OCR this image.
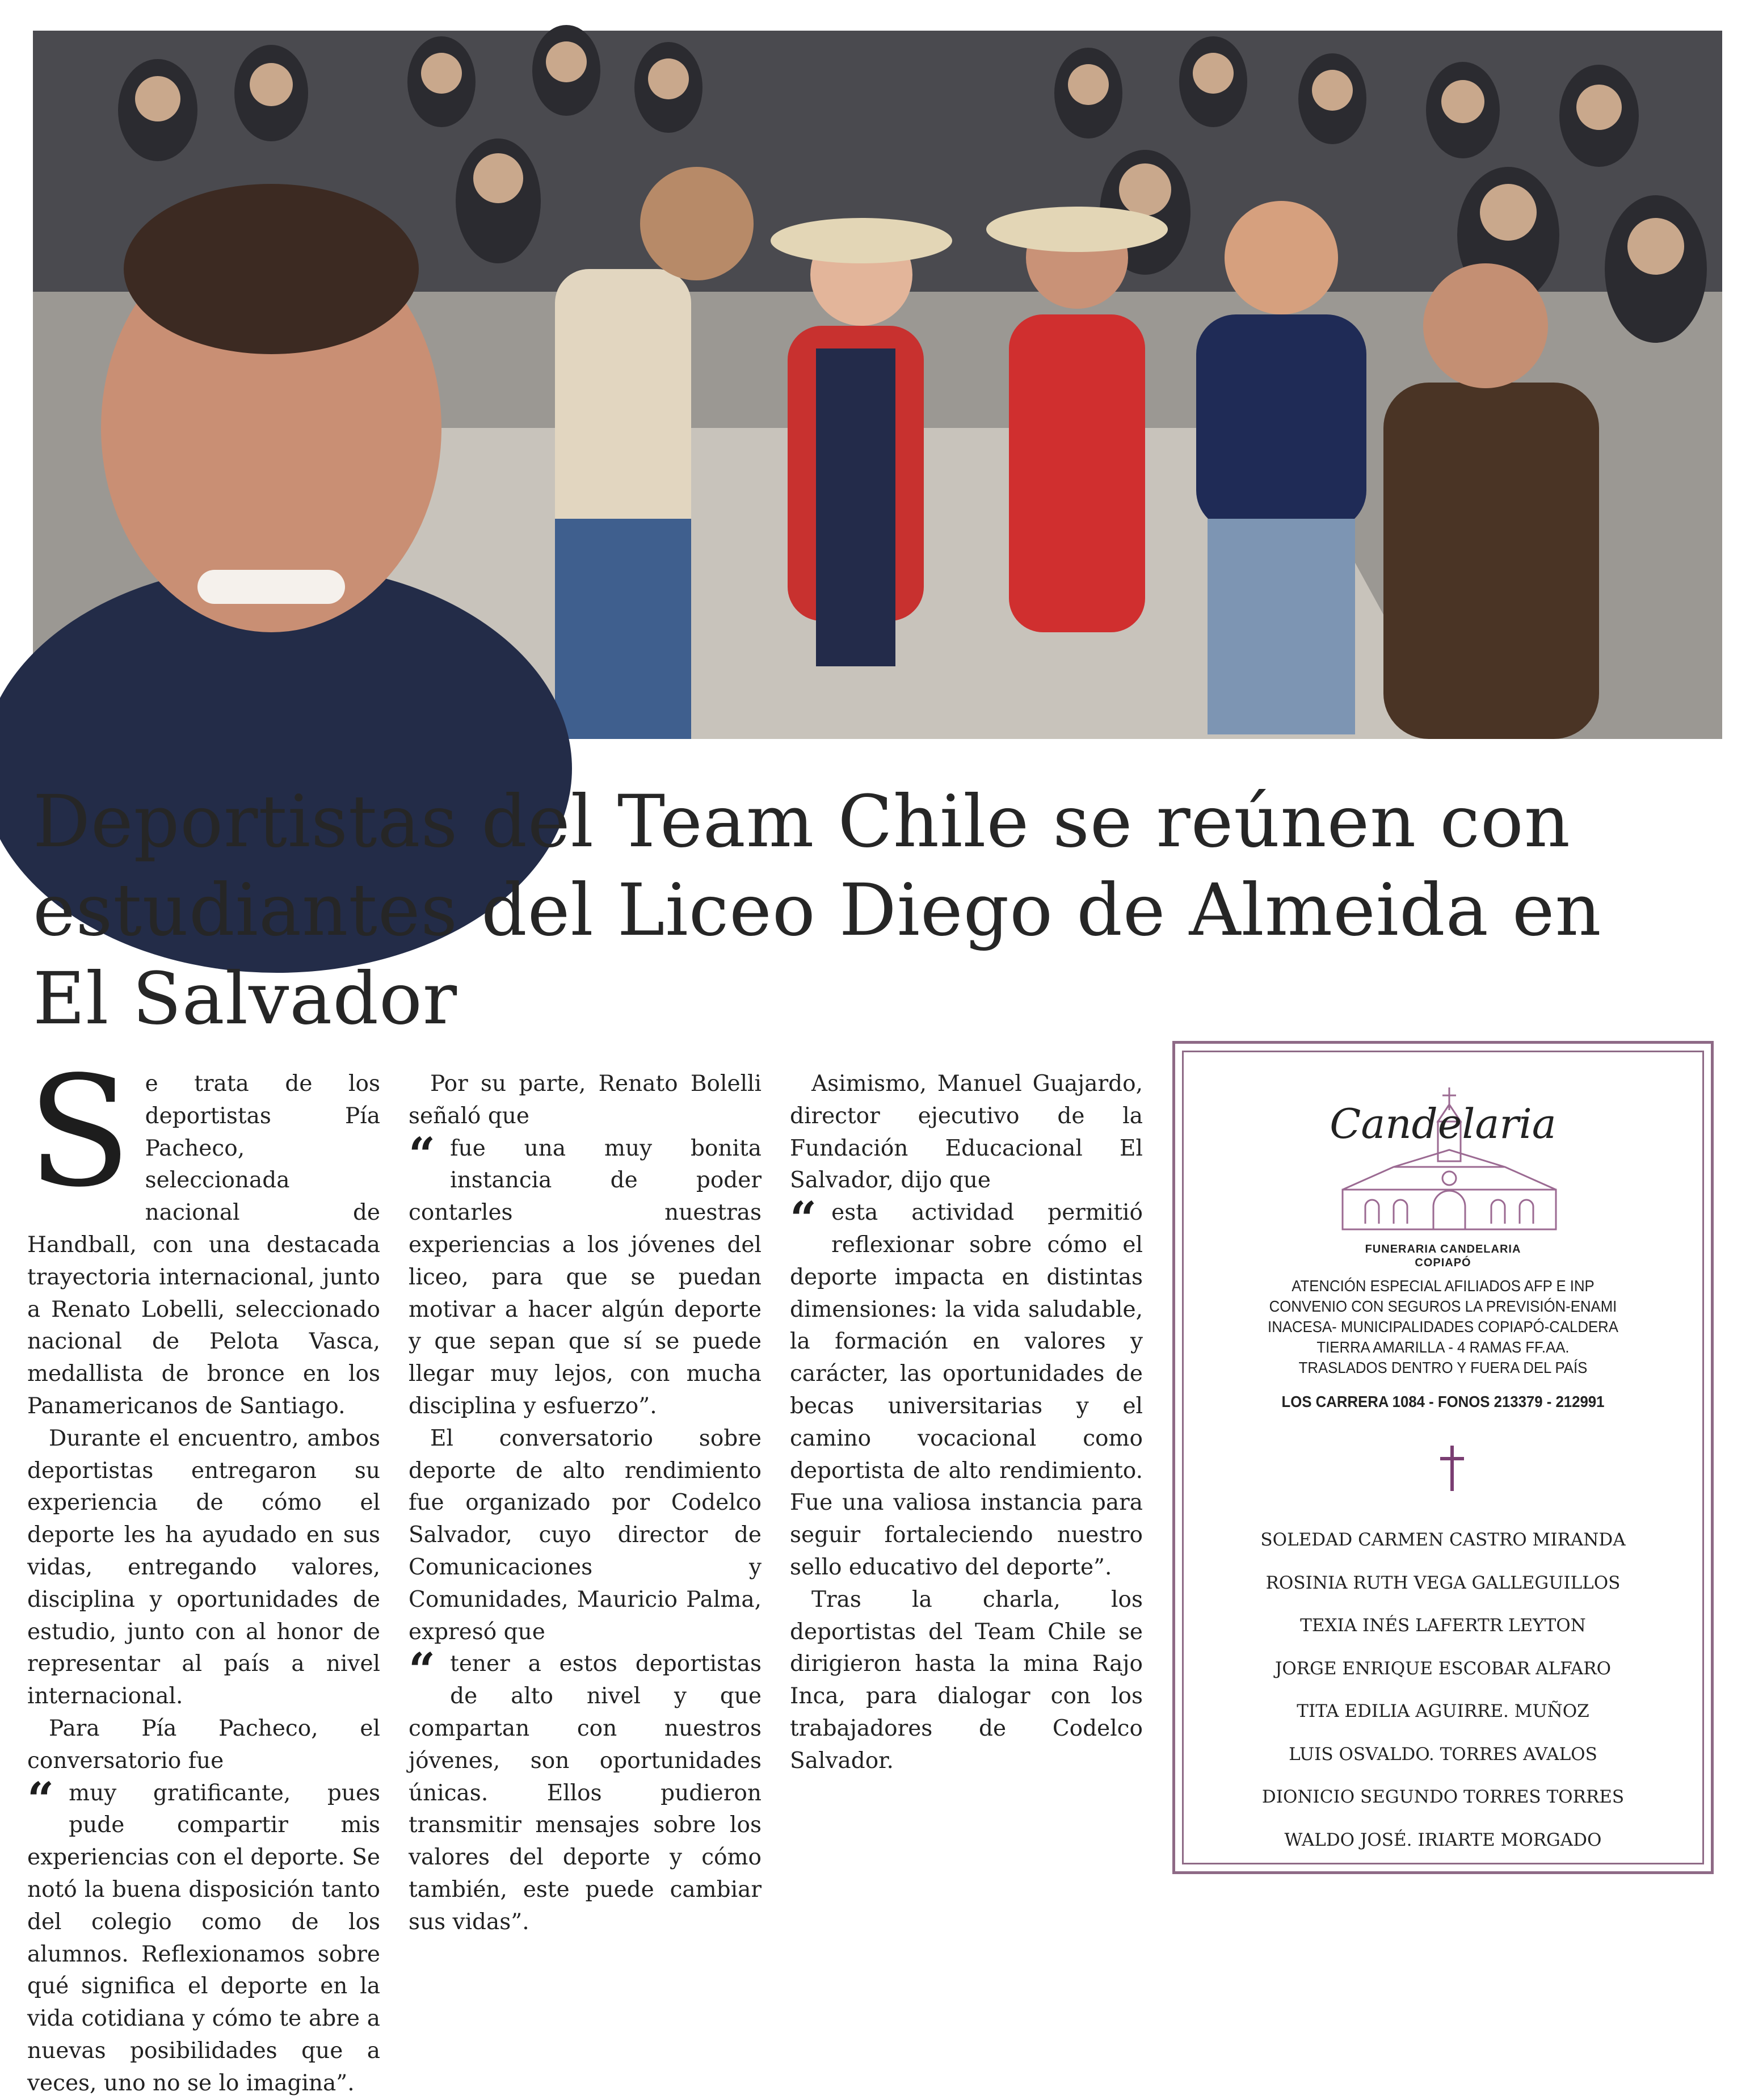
Deportistas del Team Chile se reúnen con estudiantes del Liceo Diego de Almeida en El Salvador

Se trata de los deportistas Pía Pacheco, seleccionada nacional de Handball, con una destacada trayectoria internacional, junto a Renato Lobelli, seleccionado nacional de Pelota Vasca, medallista de bronce en los Panamericanos de Santiago.

Durante el encuentro, ambos deportistas entregaron su experiencia de cómo el deporte les ha ayudado en sus vidas, entregando valores, disciplina y oportunidades de estudio, junto con al honor de representar al país a nivel internacional.

Para Pía Pacheco, el conversatorio fue

“ muy gratificante, pues pude compartir mis experiencias con el deporte. Se notó la buena disposición tanto del colegio como de los alumnos. Reflexionamos sobre qué significa el deporte en la vida cotidiana y cómo te abre a nuevas posibilidades que a veces, uno no se lo imagina”.

Por su parte, Renato Bolelli señaló que

“ fue una muy bonita instancia de poder contarles nuestras experiencias a los jóvenes del liceo, para que se puedan motivar a hacer algún deporte y que sepan que sí se puede llegar muy lejos, con mucha disciplina y esfuerzo”.

El conversatorio sobre deporte de alto rendimiento fue organizado por Codelco Salvador, cuyo director de Comunicaciones y Comunidades, Mauricio Palma, expresó que

“ tener a estos deportistas de alto nivel y que compartan con nuestros jóvenes, son oportunidades únicas. Ellos pudieron transmitir mensajes sobre los valores del deporte y cómo también, este puede cambiar sus vidas”.

Asimismo, Manuel Guajardo, director ejecutivo de la Fundación Educacional El Salvador, dijo que

“ esta actividad permitió reflexionar sobre cómo el deporte impacta en distintas dimensiones: la vida saludable, la formación en valores y carácter, las oportunidades de becas universitarias y el camino vocacional como deportista de alto rendimiento. Fue una valiosa instancia para seguir fortaleciendo nuestro sello educativo del deporte”.

Tras la charla, los deportistas del Team Chile se dirigieron hasta la mina Rajo Inca, para dialogar con los trabajadores de Codelco Salvador.

Candelaria
FUNERARIA CANDELARIA
COPIAPÓ
ATENCIÓN ESPECIAL AFILIADOS AFP E INP
CONVENIO CON SEGUROS LA PREVISIÓN-ENAMI
INACESA- MUNICIPALIDADES COPIAPÓ-CALDERA
TIERRA AMARILLA - 4 RAMAS FF.AA.
TRASLADOS DENTRO Y FUERA DEL PAÍS
LOS CARRERA 1084 - FONOS 213379 - 212991
SOLEDAD CARMEN CASTRO MIRANDA
ROSINIA RUTH VEGA GALLEGUILLOS
TEXIA INÉS LAFERTR LEYTON
JORGE ENRIQUE ESCOBAR ALFARO
TITA EDILIA AGUIRRE. MUÑOZ
LUIS OSVALDO. TORRES AVALOS
DIONICIO SEGUNDO TORRES TORRES
WALDO JOSÉ. IRIARTE MORGADO
